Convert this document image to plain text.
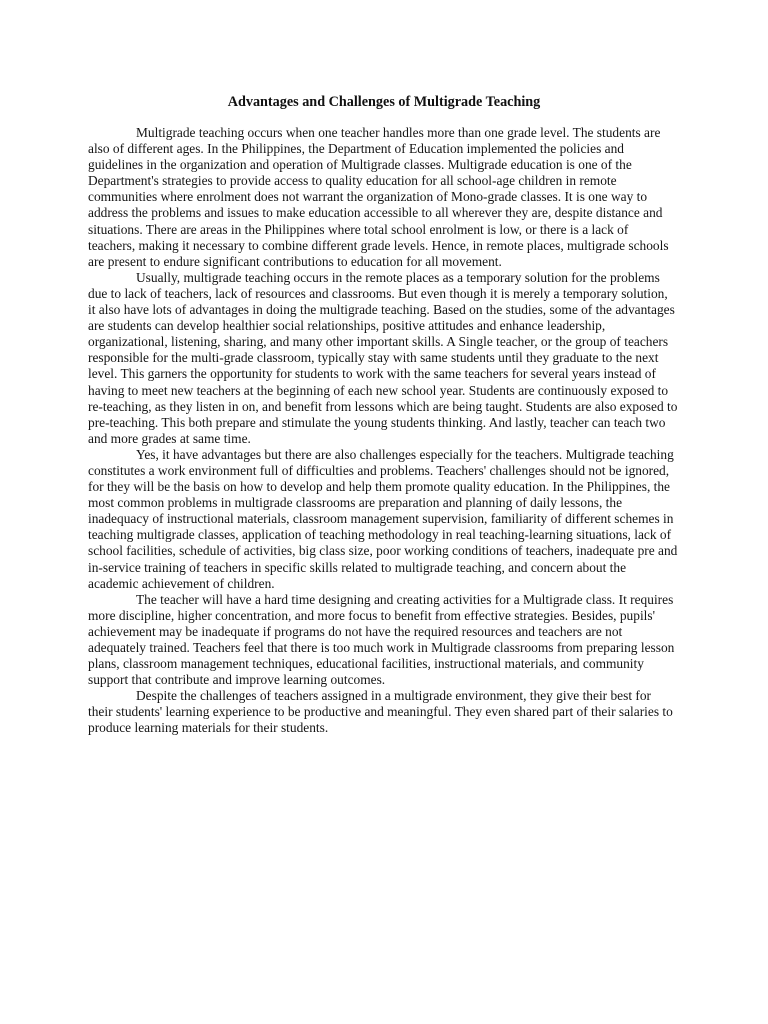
Advantages and Challenges of Multigrade Teaching

Multigrade teaching occurs when one teacher handles more than one grade level. The students are also of different ages. In the Philippines, the Department of Education implemented the policies and guidelines in the organization and operation of Multigrade classes. Multigrade education is one of the Department's strategies to provide access to quality education for all school-age children in remote communities where enrolment does not warrant the organization of Mono-grade classes. It is one way to address the problems and issues to make education accessible to all wherever they are, despite distance and situations. There are areas in the Philippines where total school enrolment is low, or there is a lack of teachers, making it necessary to combine different grade levels. Hence, in remote places, multigrade schools are present to endure significant contributions to education for all movement.

Usually, multigrade teaching occurs in the remote places as a temporary solution for the problems due to lack of teachers, lack of resources and classrooms. But even though it is merely a temporary solution, it also have lots of advantages in doing the multigrade teaching. Based on the studies, some of the advantages are students can develop healthier social relationships, positive attitudes and enhance leadership, organizational, listening, sharing, and many other important skills. A Single teacher, or the group of teachers responsible for the multi-grade classroom, typically stay with same students until they graduate to the next level. This garners the opportunity for students to work with the same teachers for several years instead of having to meet new teachers at the beginning of each new school year. Students are continuously exposed to re-teaching, as they listen in on, and benefit from lessons which are being taught. Students are also exposed to pre-teaching. This both prepare and stimulate the young students thinking. And lastly, teacher can teach two and more grades at same time.

Yes, it have advantages but there are also challenges especially for the teachers. Multigrade teaching constitutes a work environment full of difficulties and problems. Teachers' challenges should not be ignored, for they will be the basis on how to develop and help them promote quality education. In the Philippines, the most common problems in multigrade classrooms are preparation and planning of daily lessons, the inadequacy of instructional materials, classroom management supervision, familiarity of different schemes in teaching multigrade classes, application of teaching methodology in real teaching-learning situations, lack of school facilities, schedule of activities, big class size, poor working conditions of teachers, inadequate pre and in-service training of teachers in specific skills related to multigrade teaching, and concern about the academic achievement of children.

The teacher will have a hard time designing and creating activities for a Multigrade class. It requires more discipline, higher concentration, and more focus to benefit from effective strategies. Besides, pupils' achievement may be inadequate if programs do not have the required resources and teachers are not adequately trained. Teachers feel that there is too much work in Multigrade classrooms from preparing lesson plans, classroom management techniques, educational facilities, instructional materials, and community support that contribute and improve learning outcomes.

Despite the challenges of teachers assigned in a multigrade environment, they give their best for their students' learning experience to be productive and meaningful. They even shared part of their salaries to produce learning materials for their students.
